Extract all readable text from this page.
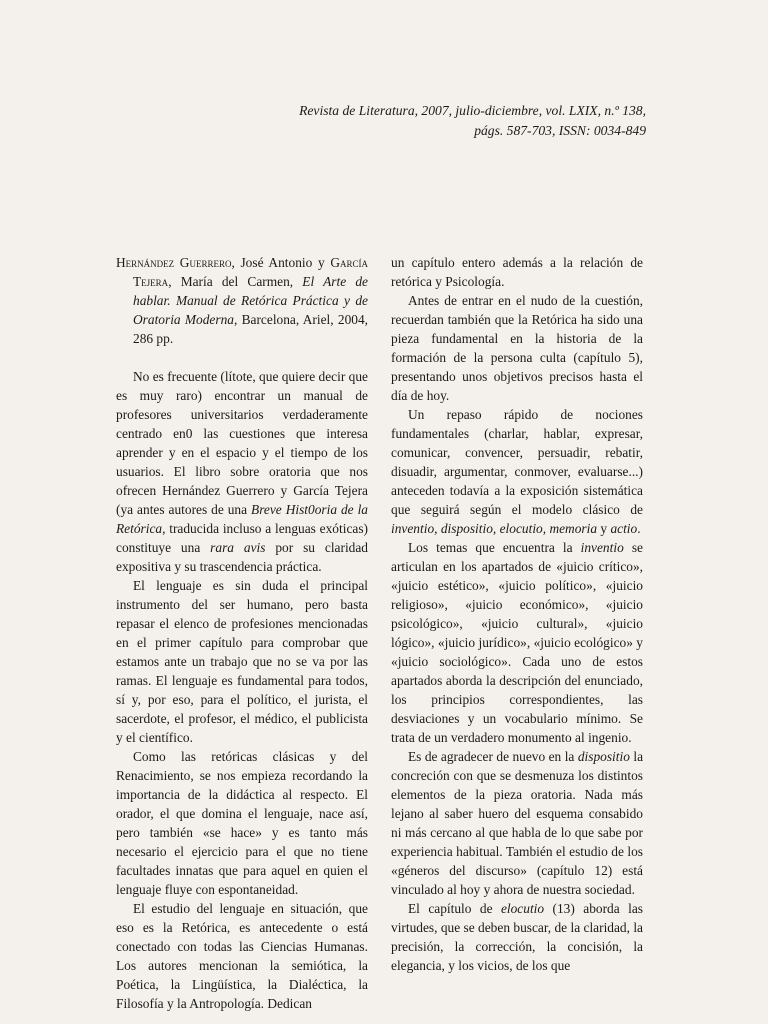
Revista de Literatura, 2007, julio-diciembre, vol. LXIX, n.º 138,
págs. 587-703, ISSN: 0034-849

Hernández Guerrero, José Antonio y García Tejera, María del Carmen, El Arte de hablar. Manual de Retórica Práctica y de Oratoria Moderna, Barcelona, Ariel, 2004, 286 pp.

No es frecuente (lítote, que quiere decir que es muy raro) encontrar un manual de profesores universitarios verdaderamente centrado en0 las cuestiones que interesa aprender y en el espacio y el tiempo de los usuarios. El libro sobre oratoria que nos ofrecen Hernández Guerrero y García Tejera (ya antes autores de una Breve Hist0oria de la Retórica, traducida incluso a lenguas exóticas) constituye una rara avis por su claridad expositiva y su trascendencia práctica.

El lenguaje es sin duda el principal instrumento del ser humano, pero basta repasar el elenco de profesiones mencionadas en el primer capítulo para comprobar que estamos ante un trabajo que no se va por las ramas. El lenguaje es fundamental para todos, sí y, por eso, para el político, el jurista, el sacerdote, el profesor, el médico, el publicista y el científico.

Como las retóricas clásicas y del Renacimiento, se nos empieza recordando la importancia de la didáctica al respecto. El orador, el que domina el lenguaje, nace así, pero también «se hace» y es tanto más necesario el ejercicio para el que no tiene facultades innatas que para aquel en quien el lenguaje fluye con espontaneidad.

El estudio del lenguaje en situación, que eso es la Retórica, es antecedente o está conectado con todas las Ciencias Humanas. Los autores mencionan la semiótica, la Poética, la Lingüística, la Dialéctica, la Filosofía y la Antropología. Dedican

un capítulo entero además a la relación de retórica y Psicología.

Antes de entrar en el nudo de la cuestión, recuerdan también que la Retórica ha sido una pieza fundamental en la historia de la formación de la persona culta (capítulo 5), presentando unos objetivos precisos hasta el día de hoy.

Un repaso rápido de nociones fundamentales (charlar, hablar, expresar, comunicar, convencer, persuadir, rebatir, disuadir, argumentar, conmover, evaluarse...) anteceden todavía a la exposición sistemática que seguirá según el modelo clásico de inventio, dispositio, elocutio, memoria y actio.

Los temas que encuentra la inventio se articulan en los apartados de «juicio crítico», «juicio estético», «juicio político», «juicio religioso», «juicio económico», «juicio psicológico», «juicio cultural», «juicio lógico», «juicio jurídico», «juicio ecológico» y «juicio sociológico». Cada uno de estos apartados aborda la descripción del enunciado, los principios correspondientes, las desviaciones y un vocabulario mínimo. Se trata de un verdadero monumento al ingenio.

Es de agradecer de nuevo en la dispositio la concreción con que se desmenuza los distintos elementos de la pieza oratoria. Nada más lejano al saber huero del esquema consabido ni más cercano al que habla de lo que sabe por experiencia habitual. También el estudio de los «géneros del discurso» (capítulo 12) está vinculado al hoy y ahora de nuestra sociedad.

El capítulo de elocutio (13) aborda las virtudes, que se deben buscar, de la claridad, la precisión, la corrección, la concisión, la elegancia, y los vicios, de los que
